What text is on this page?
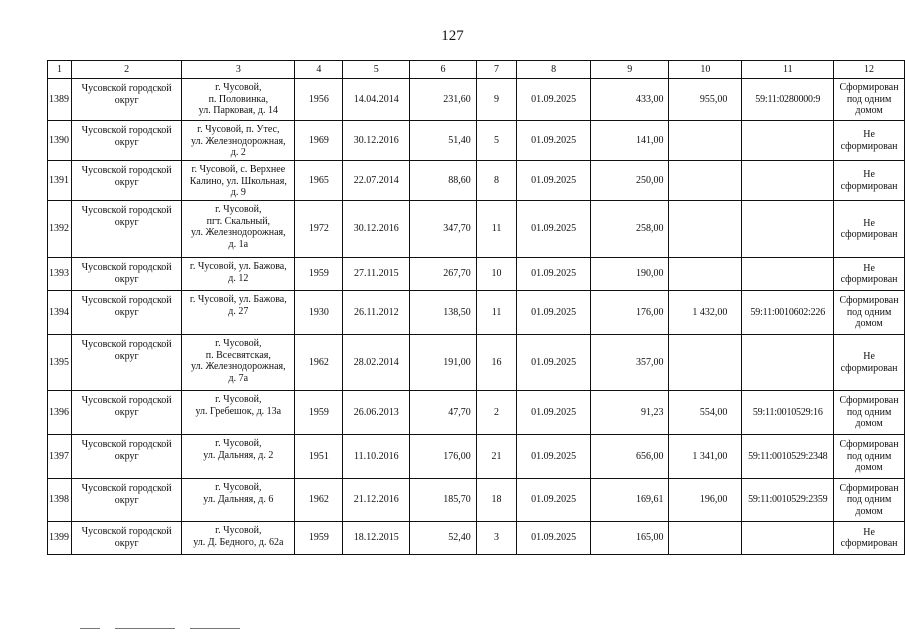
127
1	2	3	4	5	6	7	8	9	10	11	12
1389	Чусовской городской округ	г. Чусовой,
п. Половинка,
ул. Парковая, д. 14	1956	14.04.2014	231,60	9	01.09.2025	433,00	955,00	59:11:0280000:9	Сформирован под одним домом
1390	Чусовской городской округ	г. Чусовой, п. Утес,
ул. Железнодорожная,
д. 2	1969	30.12.2016	51,40	5	01.09.2025	141,00			Не сформирован
1391	Чусовской городской округ	г. Чусовой, с. Верхнее
Калино, ул. Школьная,
д. 9	1965	22.07.2014	88,60	8	01.09.2025	250,00			Не сформирован
1392	Чусовской городской округ	г. Чусовой,
пгт. Скальный,
ул. Железнодорожная,
д. 1а	1972	30.12.2016	347,70	11	01.09.2025	258,00			Не сформирован
1393	Чусовской городской округ	г. Чусовой, ул. Бажова,
д. 12	1959	27.11.2015	267,70	10	01.09.2025	190,00			Не сформирован
1394	Чусовской городской округ	г. Чусовой, ул. Бажова,
д. 27	1930	26.11.2012	138,50	11	01.09.2025	176,00	1 432,00	59:11:0010602:226	Сформирован под одним домом
1395	Чусовской городской округ	г. Чусовой,
п. Всесвятская,
ул. Железнодорожная,
д. 7а	1962	28.02.2014	191,00	16	01.09.2025	357,00			Не сформирован
1396	Чусовской городской округ	г. Чусовой,
ул. Гребешок, д. 13а	1959	26.06.2013	47,70	2	01.09.2025	91,23	554,00	59:11:0010529:16	Сформирован под одним домом
1397	Чусовской городской округ	г. Чусовой,
ул. Дальняя, д. 2	1951	11.10.2016	176,00	21	01.09.2025	656,00	1 341,00	59:11:0010529:2348	Сформирован под одним домом
1398	Чусовской городской округ	г. Чусовой,
ул. Дальняя, д. 6	1962	21.12.2016	185,70	18	01.09.2025	169,61	196,00	59:11:0010529:2359	Сформирован под одним домом
1399	Чусовской городской округ	г. Чусовой,
ул. Д. Бедного, д. 62а	1959	18.12.2015	52,40	3	01.09.2025	165,00			Не сформирован
